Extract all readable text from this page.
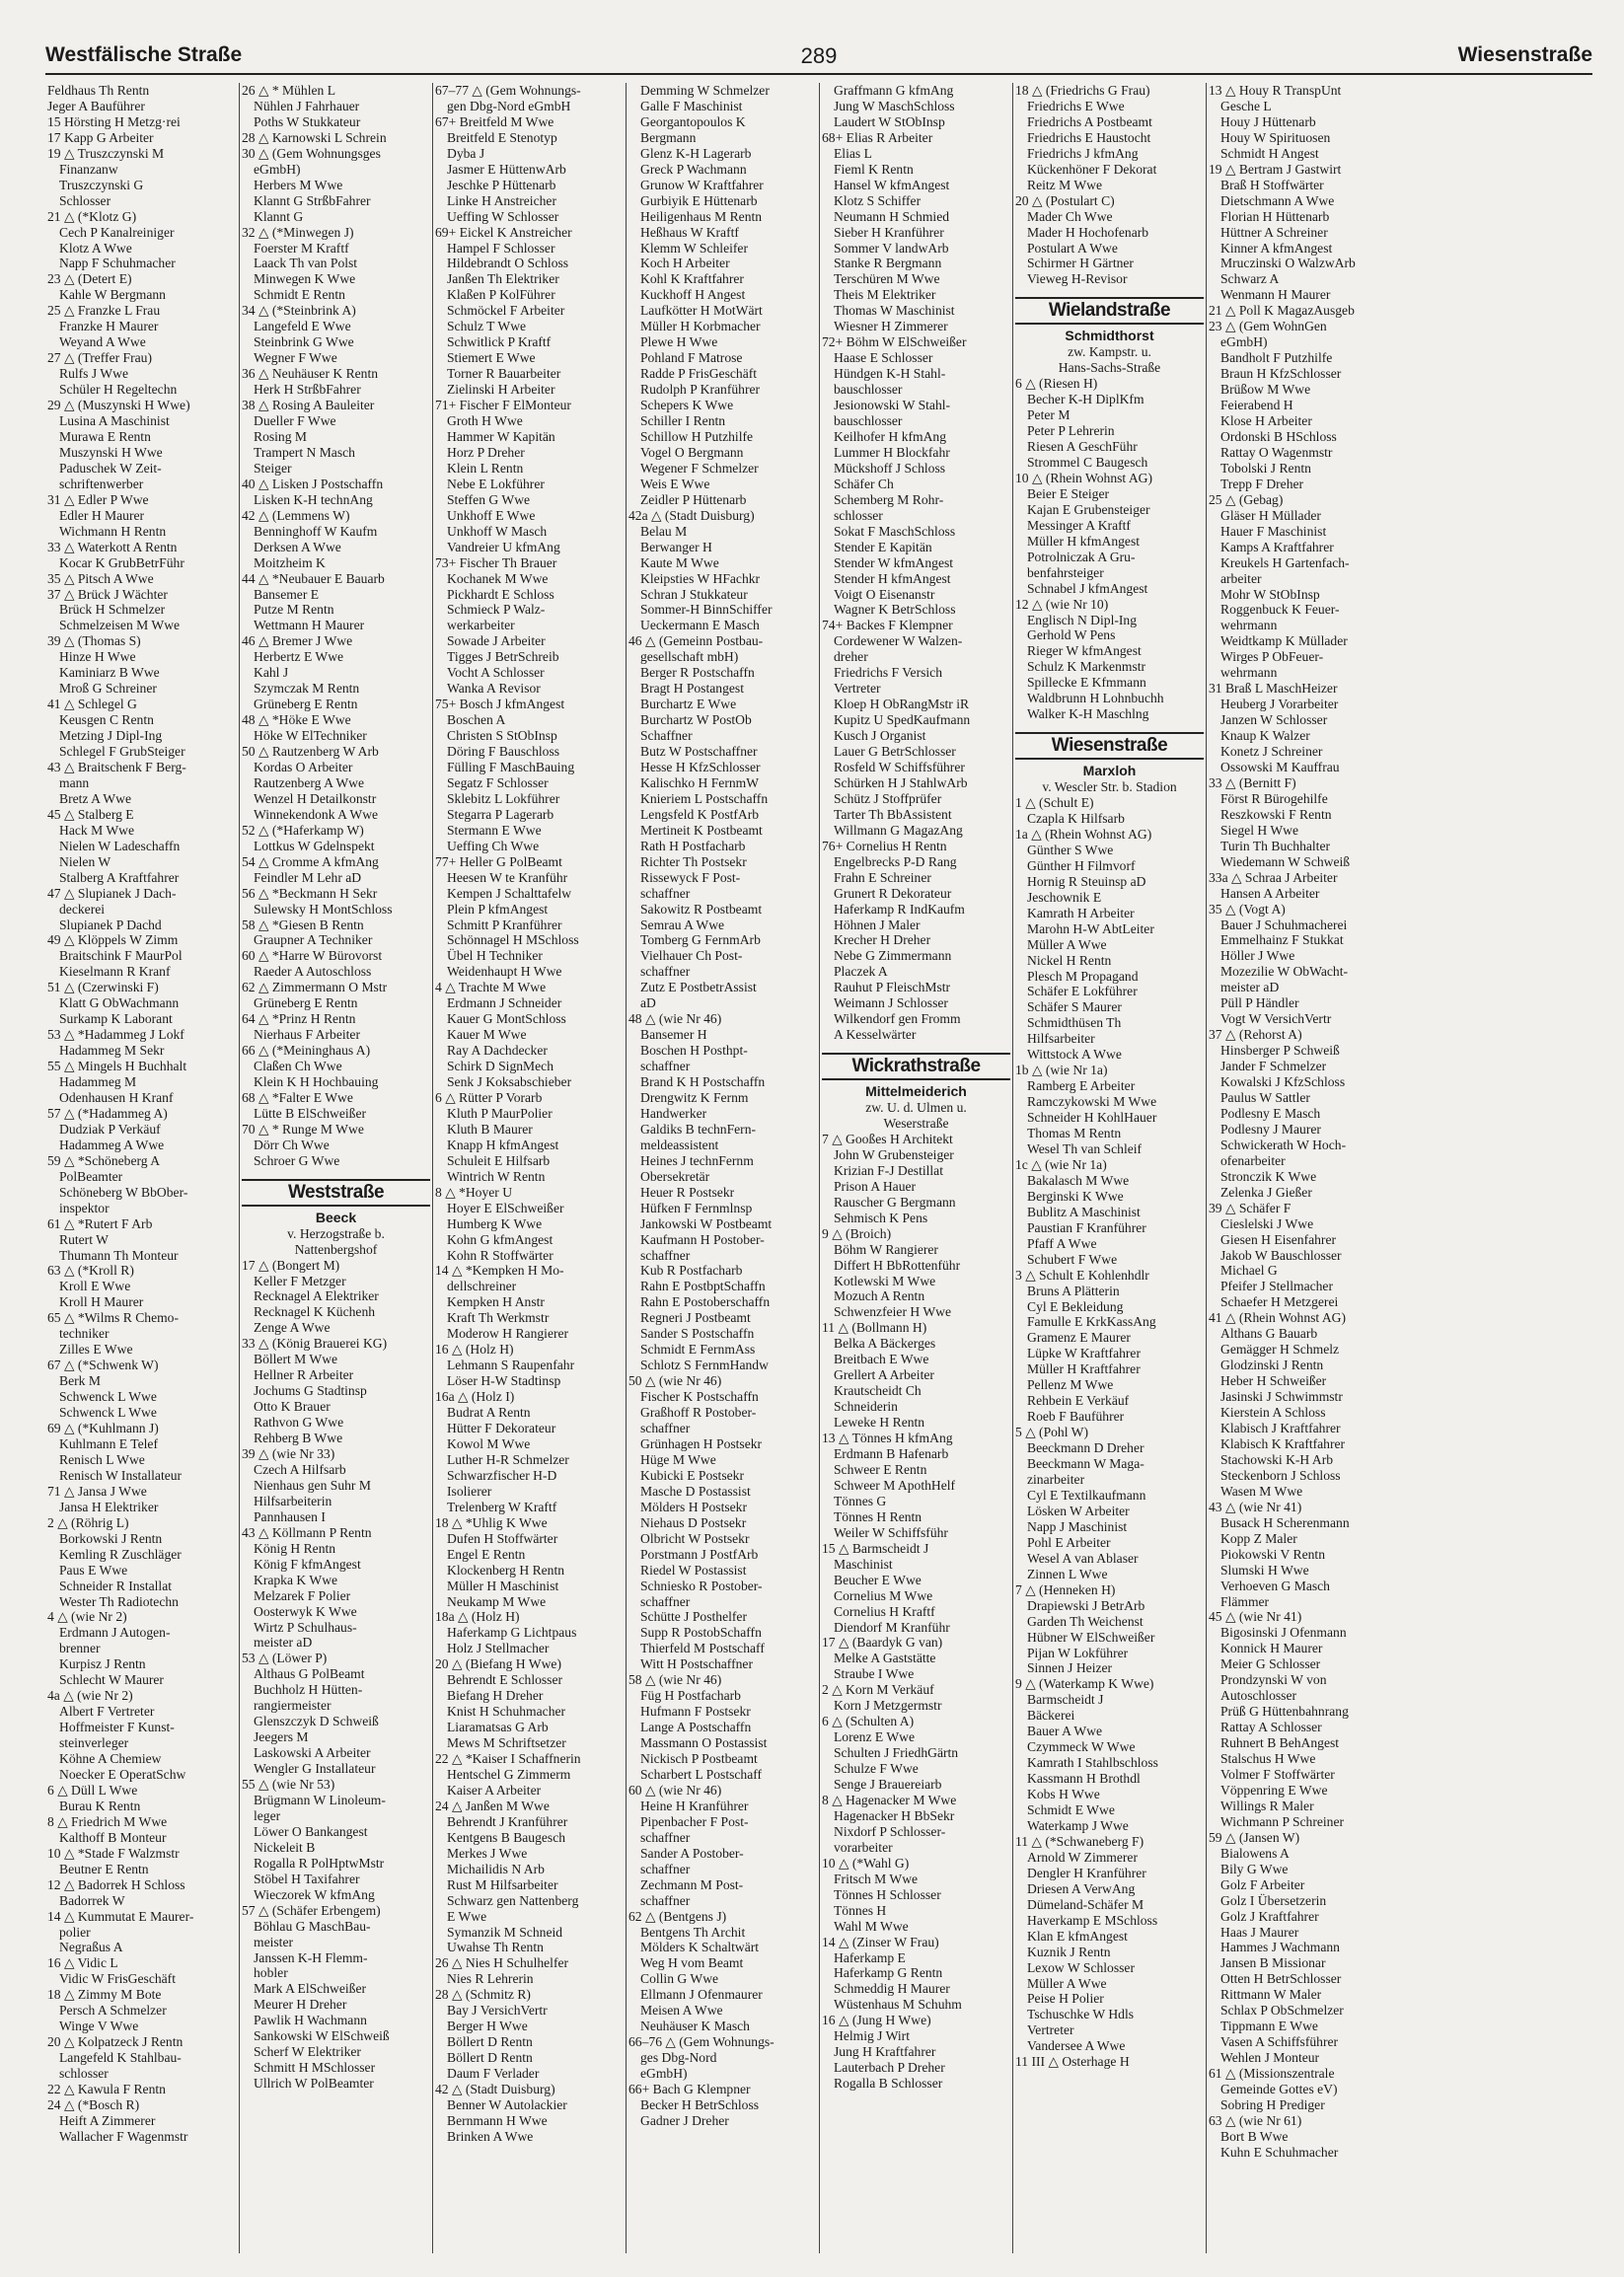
Westfälische Straße	289	Wiesenstraße
Feldhaus Th Rentn
Jeger A Bauführer
15 Hörsting H Metzg·rei
17 Kapp G Arbeiter
19 △ Truszczynski M
Finanzanw
Truszczynski G
Schlosser
21 △ (*Klotz G)
Cech P Kanalreiniger
Klotz A Wwe
Napp F Schuhmacher
23 △ (Detert E)
Kahle W Bergmann
25 △ Franzke L Frau
Franzke H Maurer
Weyand A Wwe
27 △ (Treffer Frau)
Rulfs J Wwe
Schüler H Regeltechn
29 △ (Muszynski H Wwe)
Lusina A Maschinist
Murawa E Rentn
Muszynski H Wwe
Paduschek W Zeit-
schriftenwerber
31 △ Edler P Wwe
Edler H Maurer
Wichmann H Rentn
33 △ Waterkott A Rentn
Kocar K GrubBetrFühr
35 △ Pitsch A Wwe
37 △ Brück J Wächter
Brück H Schmelzer
Schmelzeisen M Wwe
39 △ (Thomas S)
Hinze H Wwe
Kaminiarz B Wwe
Mroß G Schreiner
41 △ Schlegel G
Keusgen C Rentn
Metzing J Dipl-Ing
Schlegel F GrubSteiger
43 △ Braitschenk F Berg-
mann
Bretz A Wwe
45 △ Stalberg E
Hack M Wwe
Nielen W Ladeschaffn
Nielen W
Stalberg A Kraftfahrer
47 △ Slupianek J Dach-
deckerei
Slupianek P Dachd
49 △ Klöppels W Zimm
Braitschink F MaurPol
Kieselmann R Kranf
51 △ (Czerwinski F)
Klatt G ObWachmann
Surkamp K Laborant
53 △ *Hadammeg J Lokf
Hadammeg M Sekr
55 △ Mingels H Buchhalt
Hadammeg M
Odenhausen H Kranf
57 △ (*Hadammeg A)
Dudziak P Verkäuf
Hadammeg A Wwe
59 △ *Schöneberg A
PolBeamter
Schöneberg W BbOber-
inspektor
61 △ *Rutert F Arb
Rutert W
Thumann Th Monteur
63 △ (*Kroll R)
Kroll E Wwe
Kroll H Maurer
65 △ *Wilms R Chemo-
techniker
Zilles E Wwe
67 △ (*Schwenk W)
Berk M
Schwenck L Wwe
Schwenck L Wwe
69 △ (*Kuhlmann J)
Kuhlmann E Telef
Renisch L Wwe
Renisch W Installateur
71 △ Jansa J Wwe
Jansa H Elektriker
2 △ (Röhrig L)
Borkowski J Rentn
Kemling R Zuschläger
Paus E Wwe
Schneider R Installat
Wester Th Radiotechn
4 △ (wie Nr 2)
Erdmann J Autogen-
brenner
Kurpisz J Rentn
Schlecht W Maurer
4a △ (wie Nr 2)
Albert F Vertreter
Hoffmeister F Kunst-
steinverleger
Köhne A Chemiew
Noecker E OperatSchw
6 △ Düll L Wwe
Burau K Rentn
8 △ Friedrich M Wwe
Kalthoff B Monteur
10 △ *Stade F Walzmstr
Beutner E Rentn
12 △ Badorrek H Schloss
Badorrek W
14 △ Kummutat E Maurer-
polier
Negraßus A
16 △ Vidic L
Vidic W FrisGeschäft
18 △ Zimmy M Bote
Persch A Schmelzer
Winge V Wwe
20 △ Kolpatzeck J Rentn
Langefeld K Stahlbau-
schlosser
22 △ Kawula F Rentn
24 △ (*Bosch R)
Heift A Zimmerer
Wallacher F Wagenmstr
26 △ * Mühlen L
Nühlen J Fahrhauer
Poths W Stukkateur
28 △ Karnowski L Schrein
30 △ (Gem Wohnungsges
eGmbH)
Herbers M Wwe
Klannt G StrßbFahrer
Klannt G
32 △ (*Minwegen J)
Foerster M Kraftf
Laack Th van Polst
Minwegen K Wwe
Schmidt E Rentn
34 △ (*Steinbrink A)
Langefeld E Wwe
Steinbrink G Wwe
Wegner F Wwe
36 △ Neuhäuser K Rentn
Herk H StrßbFahrer
38 △ Rosing A Bauleiter
Dueller F Wwe
Rosing M
Trampert N Masch
Steiger
40 △ Lisken J Postschaffn
Lisken K-H technAng
42 △ (Lemmens W)
Benninghoff W Kaufm
Derksen A Wwe
Moitzheim K
44 △ *Neubauer E Bauarb
Bansemer E
Putze M Rentn
Wettmann H Maurer
46 △ Bremer J Wwe
Herbertz E Wwe
Kahl J
Szymczak M Rentn
Grüneberg E Rentn
48 △ *Höke E Wwe
Höke W ElTechniker
50 △ Rautzenberg W Arb
Kordas O Arbeiter
Rautzenberg A Wwe
Wenzel H Detailkonstr
Winnekendonk A Wwe
52 △ (*Haferkamp W)
Lottkus W Gdelnspekt
54 △ Cromme A kfmAng
Feindler M Lehr aD
56 △ *Beckmann H Sekr
Sulewsky H MontSchloss
58 △ *Giesen B Rentn
Graupner A Techniker
60 △ *Harre W Bürovorst
Raeder A Autoschloss
62 △ Zimmermann O Mstr
Grüneberg E Rentn
64 △ *Prinz H Rentn
Nierhaus F Arbeiter
66 △ (*Meininghaus A)
Claßen Ch Wwe
Klein K H Hochbauing
68 △ *Falter E Wwe
Lütte B ElSchweißer
70 △ * Runge M Wwe
Dörr Ch Wwe
Schroer G Wwe
Weststraße
Beeck
v. Herzogstraße b.
Nattenbergshof
17 △ (Bongert M)
Keller F Metzger
Recknagel A Elektriker
Recknagel K Küchenh
Zenge A Wwe
33 △ (König Brauerei KG)
Böllert M Wwe
Hellner R Arbeiter
Jochums G Stadtinsp
Otto K Brauer
Rathvon G Wwe
Rehberg B Wwe
39 △ (wie Nr 33)
Czech A Hilfsarb
Nienhaus gen Suhr M
Hilfsarbeiterin
Pannhausen I
43 △ Köllmann P Rentn
König H Rentn
König F kfmAngest
Krapka K Wwe
Melzarek F Polier
Oosterwyk K Wwe
Wirtz P Schulhaus-
meister aD
53 △ (Löwer P)
Althaus G PolBeamt
Buchholz H Hütten-
rangiermeister
Glenszczyk D Schweiß
Jeegers M
Laskowski A Arbeiter
Wengler G Installateur
55 △ (wie Nr 53)
Brügmann W Linoleum-
leger
Löwer O Bankangest
Nickeleit B
Rogalla R PolHptwMstr
Stöbel H Taxifahrer
Wieczorek W kfmAng
57 △ (Schäfer Erbengem)
Böhlau G MaschBau-
meister
Janssen K-H Flemm-
hobler
Mark A ElSchweißer
Meurer H Dreher
Pawlik H Wachmann
Sankowski W ElSchweiß
Scherf W Elektriker
Schmitt H MSchlosser
Ullrich W PolBeamter
67–77 △ (Gem Wohnungs-
gen Dbg-Nord eGmbH
67+ Breitfeld M Wwe
Breitfeld E Stenotyp
Dyba J
Jasmer E HüttenwArb
Jeschke P Hüttenarb
Linke H Anstreicher
Ueffing W Schlosser
69+ Eickel K Anstreicher
Hampel F Schlosser
Hildebrandt O Schloss
Janßen Th Elektriker
Klaßen P KolFührer
Schmöckel F Arbeiter
Schulz T Wwe
Schwitlick P Kraftf
Stiemert E Wwe
Torner R Bauarbeiter
Zielinski H Arbeiter
71+ Fischer F ElMonteur
Groth H Wwe
Hammer W Kapitän
Horz P Dreher
Klein L Rentn
Nebe E Lokführer
Steffen G Wwe
Unkhoff E Wwe
Unkhoff W Masch
Vandreier U kfmAng
73+ Fischer Th Brauer
Kochanek M Wwe
Pickhardt E Schloss
Schmieck P Walz-
werkarbeiter
Sowade J Arbeiter
Tigges J BetrSchreib
Vocht A Schlosser
Wanka A Revisor
75+ Bosch J kfmAngest
Boschen A
Christen S StObInsp
Döring F Bauschloss
Fülling F MaschBauing
Segatz F Schlosser
Sklebitz L Lokführer
Stegarra P Lagerarb
Stermann E Wwe
Ueffing Ch Wwe
77+ Heller G PolBeamt
Heesen W te Kranführ
Kempen J Schalttafelw
Plein P kfmAngest
Schmitt P Kranführer
Schönnagel H MSchloss
Übel H Techniker
Weidenhaupt H Wwe
4 △ Trachte M Wwe
Erdmann J Schneider
Kauer G MontSchloss
Kauer M Wwe
Ray A Dachdecker
Schirk D SignMech
Senk J Koksabschieber
6 △ Rütter P Vorarb
Kluth P MaurPolier
Kluth B Maurer
Knapp H kfmAngest
Schuleit E Hilfsarb
Wintrich W Rentn
8 △ *Hoyer U
Hoyer E ElSchweißer
Humberg K Wwe
Kohn G kfmAngest
Kohn R Stoffwärter
14 △ *Kempken H Mo-
dellschreiner
Kempken H Anstr
Kraft Th Werkmstr
Moderow H Rangierer
16 △ (Holz H)
Lehmann S Raupenfahr
Löser H-W Stadtinsp
16a △ (Holz I)
Budrat A Rentn
Hütter F Dekorateur
Kowol M Wwe
Luther H-R Schmelzer
Schwarzfischer H-D
Isolierer
Trelenberg W Kraftf
18 △ *Uhlig K Wwe
Dufen H Stoffwärter
Engel E Rentn
Klockenberg H Rentn
Müller H Maschinist
Neukamp M Wwe
18a △ (Holz H)
Haferkamp G Lichtpaus
Holz J Stellmacher
20 △ (Biefang H Wwe)
Behrendt E Schlosser
Biefang H Dreher
Knist H Schuhmacher
Liaramatsas G Arb
Mews M Schriftsetzer
22 △ *Kaiser I Schaffnerin
Hentschel G Zimmerm
Kaiser A Arbeiter
24 △ Janßen M Wwe
Behrendt J Kranführer
Kentgens B Baugesch
Merkes J Wwe
Michailidis N Arb
Rust M Hilfsarbeiter
Schwarz gen Nattenberg
E Wwe
Symanzik M Schneid
Uwahse Th Rentn
26 △ Nies H Schulhelfer
Nies R Lehrerin
28 △ (Schmitz R)
Bay J VersichVertr
Berger H Wwe
Böllert D Rentn
Böllert D Rentn
Daum F Verlader
42 △ (Stadt Duisburg)
Benner W Autolackier
Bernmann H Wwe
Brinken A Wwe
Demming W Schmelzer
Galle F Maschinist
Georgantopoulos K
Bergmann
Glenz K-H Lagerarb
Greck P Wachmann
Grunow W Kraftfahrer
Gurbiyik E Hüttenarb
Heiligenhaus M Rentn
Heßhaus W Kraftf
Klemm W Schleifer
Koch H Arbeiter
Kohl K Kraftfahrer
Kuckhoff H Angest
Laufkötter H MotWärt
Müller H Korbmacher
Plewe H Wwe
Pohland F Matrose
Radde P FrisGeschäft
Rudolph P Kranführer
Schepers K Wwe
Schiller I Rentn
Schillow H Putzhilfe
Vogel O Bergmann
Wegener F Schmelzer
Weis E Wwe
Zeidler P Hüttenarb
42a △ (Stadt Duisburg)
Belau M
Berwanger H
Kaute M Wwe
Kleipsties W HFachkr
Schran J Stukkateur
Sommer-H BinnSchiffer
Ueckermann E Masch
46 △ (Gemeinn Postbau-
gesellschaft mbH)
Berger R Postschaffn
Bragt H Postangest
Burchartz E Wwe
Burchartz W PostOb
Schaffner
Butz W Postschaffner
Hesse H KfzSchlosser
Kalischko H FernmW
Knieriem L Postschaffn
Lengsfeld K PostfArb
Mertineit K Postbeamt
Rath H Postfacharb
Richter Th Postsekr
Rissewyck F Post-
schaffner
Sakowitz R Postbeamt
Semrau A Wwe
Tomberg G FernmArb
Vielhauer Ch Post-
schaffner
Zutz E PostbetrAssist
aD
48 △ (wie Nr 46)
Bansemer H
Boschen H Posthpt-
schaffner
Brand K H Postschaffn
Drengwitz K Fernm
Handwerker
Galdiks B technFern-
meldeassistent
Heines J technFernm
Obersekretär
Heuer R Postsekr
Hüfken F Fernmlnsp
Jankowski W Postbeamt
Kaufmann H Postober-
schaffner
Kub R Postfacharb
Rahn E PostbptSchaffn
Rahn E Postoberschaffn
Regneri J Postbeamt
Sander S Postschaffn
Schmidt E FernmAss
Schlotz S FernmHandw
50 △ (wie Nr 46)
Fischer K Postschaffn
Graßhoff R Postober-
schaffner
Grünhagen H Postsekr
Hüge M Wwe
Kubicki E Postsekr
Masche D Postassist
Mölders H Postsekr
Niehaus D Postsekr
Olbricht W Postsekr
Porstmann J PostfArb
Riedel W Postassist
Schniesko R Postober-
schaffner
Schütte J Posthelfer
Supp R PostobSchaffn
Thierfeld M Postschaff
Witt H Postschaffner
58 △ (wie Nr 46)
Füg H Postfacharb
Hufmann F Postsekr
Lange A Postschaffn
Massmann O Postassist
Nickisch P Postbeamt
Scharbert L Postschaff
60 △ (wie Nr 46)
Heine H Kranführer
Pipenbacher F Post-
schaffner
Sander A Postober-
schaffner
Zechmann M Post-
schaffner
62 △ (Bentgens J)
Bentgens Th Archit
Mölders K Schaltwärt
Weg H vom Beamt
Collin G Wwe
Ellmann J Ofenmaurer
Meisen A Wwe
Neuhäuser K Masch
66–76 △ (Gem Wohnungs-
ges Dbg-Nord
eGmbH)
66+ Bach G Klempner
Becker H BetrSchloss
Gadner J Dreher
Graffmann G kfmAng
Jung W MaschSchloss
Laudert W StObInsp
68+ Elias R Arbeiter
Elias L
Fieml K Rentn
Hansel W kfmAngest
Klotz S Schiffer
Neumann H Schmied
Sieber H Kranführer
Sommer V landwArb
Stanke R Bergmann
Terschüren M Wwe
Theis M Elektriker
Thomas W Maschinist
Wiesner H Zimmerer
72+ Böhm W ElSchweißer
Haase E Schlosser
Hündgen K-H Stahl-
bauschlosser
Jesionowski W Stahl-
bauschlosser
Keilhofer H kfmAng
Lummer H Blockfahr
Mückshoff J Schloss
Schäfer Ch
Schemberg M Rohr-
schlosser
Sokat F MaschSchloss
Stender E Kapitän
Stender W kfmAngest
Stender H kfmAngest
Voigt O Eisenanstr
Wagner K BetrSchloss
74+ Backes F Klempner
Cordewener W Walzen-
dreher
Friedrichs F Versich
Vertreter
Kloep H ObRangMstr iR
Kupitz U SpedKaufmann
Kusch J Organist
Lauer G BetrSchlosser
Rosfeld W Schiffsführer
Schürken H J StahlwArb
Schütz J Stoffprüfer
Tarter Th BbAssistent
Willmann G MagazAng
76+ Cornelius H Rentn
Engelbrecks P-D Rang
Frahn E Schreiner
Grunert R Dekorateur
Haferkamp R IndKaufm
Höhnen J Maler
Krecher H Dreher
Nebe G Zimmermann
Placzek A
Rauhut P FleischMstr
Weimann J Schlosser
Wilkendorf gen Fromm
A Kesselwärter
Wickrathstraße
Mittelmeiderich
zw. U. d. Ulmen u.
Weserstraße
7 △ Gooßes H Architekt
John W Grubensteiger
Krizian F-J Destillat
Prison A Hauer
Rauscher G Bergmann
Sehmisch K Pens
9 △ (Broich)
Böhm W Rangierer
Differt H BbRottenführ
Kotlewski M Wwe
Mozuch A Rentn
Schwenzfeier H Wwe
11 △ (Bollmann H)
Belka A Bäckerges
Breitbach E Wwe
Grellert A Arbeiter
Krautscheidt Ch
Schneiderin
Leweke H Rentn
13 △ Tönnes H kfmAng
Erdmann B Hafenarb
Schweer E Rentn
Schweer M ApothHelf
Tönnes G
Tönnes H Rentn
Weiler W Schiffsführ
15 △ Barmscheidt J
Maschinist
Beucher E Wwe
Cornelius M Wwe
Cornelius H Kraftf
Diendorf M Kranführ
17 △ (Baardyk G van)
Melke A Gaststätte
Straube I Wwe
2 △ Korn M Verkäuf
Korn J Metzgermstr
6 △ (Schulten A)
Lorenz E Wwe
Schulten J FriedhGärtn
Schulze F Wwe
Senge J Brauereiarb
8 △ Hagenacker M Wwe
Hagenacker H BbSekr
Nixdorf P Schlosser-
vorarbeiter
10 △ (*Wahl G)
Fritsch M Wwe
Tönnes H Schlosser
Tönnes H
Wahl M Wwe
14 △ (Zinser W Frau)
Haferkamp E
Haferkamp G Rentn
Schmeddig H Maurer
Wüstenhaus M Schuhm
16 △ (Jung H Wwe)
Helmig J Wirt
Jung H Kraftfahrer
Lauterbach P Dreher
Rogalla B Schlosser
18 △ (Friedrichs G Frau)
Friedrichs E Wwe
Friedrichs A Postbeamt
Friedrichs E Haustocht
Friedrichs J kfmAng
Kückenhöner F Dekorat
Reitz M Wwe
20 △ (Postulart C)
Mader Ch Wwe
Mader H Hochofenarb
Postulart A Wwe
Schirmer H Gärtner
Vieweg H-Revisor
Wielandstraße
Schmidthorst
zw. Kampstr. u.
Hans-Sachs-Straße
6 △ (Riesen H)
Becher K-H DiplKfm
Peter M
Peter P Lehrerin
Riesen A GeschFühr
Strommel C Baugesch
10 △ (Rhein Wohnst AG)
Beier E Steiger
Kajan E Grubensteiger
Messinger A Kraftf
Müller H kfmAngest
Potrolniczak A Gru-
benfahrsteiger
Schnabel J kfmAngest
12 △ (wie Nr 10)
Englisch N Dipl-Ing
Gerhold W Pens
Rieger W kfmAngest
Schulz K Markenmstr
Spillecke E Kfmmann
Waldbrunn H Lohnbuchh
Walker K-H Maschlng
Wiesenstraße
Marxloh
v. Wescler Str. b. Stadion
1 △ (Schult E)
Czapla K Hilfsarb
1a △ (Rhein Wohnst AG)
Günther S Wwe
Günther H Filmvorf
Hornig R Steuinsp aD
Jeschownik E
Kamrath H Arbeiter
Marohn H-W AbtLeiter
Müller A Wwe
Nickel H Rentn
Plesch M Propagand
Schäfer E Lokführer
Schäfer S Maurer
Schmidthüsen Th
Hilfsarbeiter
Wittstock A Wwe
1b △ (wie Nr 1a)
Ramberg E Arbeiter
Ramczykowski M Wwe
Schneider H KohlHauer
Thomas M Rentn
Wesel Th van Schleif
1c △ (wie Nr 1a)
Bakalasch M Wwe
Berginski K Wwe
Bublitz A Maschinist
Paustian F Kranführer
Pfaff A Wwe
Schubert F Wwe
3 △ Schult E Kohlenhdlr
Bruns A Plätterin
Cyl E Bekleidung
Famulle E KrkKassAng
Gramenz E Maurer
Lüpke W Kraftfahrer
Müller H Kraftfahrer
Pellenz M Wwe
Rehbein E Verkäuf
Roeb F Bauführer
5 △ (Pohl W)
Beeckmann D Dreher
Beeckmann W Maga-
zinarbeiter
Cyl E Textilkaufmann
Lösken W Arbeiter
Napp J Maschinist
Pohl E Arbeiter
Wesel A van Ablaser
Zinnen L Wwe
7 △ (Henneken H)
Drapiewski J BetrArb
Garden Th Weichenst
Hübner W ElSchweißer
Pijan W Lokführer
Sinnen J Heizer
9 △ (Waterkamp K Wwe)
Barmscheidt J
Bäckerei
Bauer A Wwe
Czymmeck W Wwe
Kamrath I Stahlbschloss
Kassmann H Brothdl
Kobs H Wwe
Schmidt E Wwe
Waterkamp J Wwe
11 △ (*Schwaneberg F)
Arnold W Zimmerer
Dengler H Kranführer
Driesen A VerwAng
Dümeland-Schäfer M
Haverkamp E MSchloss
Klan E kfmAngest
Kuznik J Rentn
Lexow W Schlosser
Müller A Wwe
Peise H Polier
Tschuschke W Hdls
Vertreter
Vandersee A Wwe
11 III △ Osterhage H
13 △ Houy R TranspUnt
Gesche L
Houy J Hüttenarb
Houy W Spirituosen
Schmidt H Angest
19 △ Bertram J Gastwirt
Braß H Stoffwärter
Dietschmann A Wwe
Florian H Hüttenarb
Hüttner A Schreiner
Kinner A kfmAngest
Mruczinski O WalzwArb
Schwarz A
Wenmann H Maurer
21 △ Poll K MagazAusgeb
23 △ (Gem WohnGen
eGmbH)
Bandholt F Putzhilfe
Braun H KfzSchlosser
Brüßow M Wwe
Feierabend H
Klose H Arbeiter
Ordonski B HSchloss
Rattay O Wagenmstr
Tobolski J Rentn
Trepp F Dreher
25 △ (Gebag)
Gläser H Müllader
Hauer F Maschinist
Kamps A Kraftfahrer
Kreukels H Gartenfach-
arbeiter
Mohr W StObInsp
Roggenbuck K Feuer-
wehrmann
Weidtkamp K Müllader
Wirges P ObFeuer-
wehrmann
31 Braß L MaschHeizer
Heuberg J Vorarbeiter
Janzen W Schlosser
Knaup K Walzer
Konetz J Schreiner
Ossowski M Kauffrau
33 △ (Bernitt F)
Först R Bürogehilfe
Reszkowski F Rentn
Siegel H Wwe
Turin Th Buchhalter
Wiedemann W Schweiß
33a △ Schraa J Arbeiter
Hansen A Arbeiter
35 △ (Vogt A)
Bauer J Schuhmacherei
Emmelhainz F Stukkat
Höller J Wwe
Mozezilie W ObWacht-
meister aD
Püll P Händler
Vogt W VersichVertr
37 △ (Rehorst A)
Hinsberger P Schweiß
Jander F Schmelzer
Kowalski J KfzSchloss
Paulus W Sattler
Podlesny E Masch
Podlesny J Maurer
Schwickerath W Hoch-
ofenarbeiter
Stronczik K Wwe
Zelenka J Gießer
39 △ Schäfer F
Cieslelski J Wwe
Giesen H Eisenfahrer
Jakob W Bauschlosser
Michael G
Pfeifer J Stellmacher
Schaefer H Metzgerei
41 △ (Rhein Wohnst AG)
Althans G Bauarb
Gemägger H Schmelz
Glodzinski J Rentn
Heber H Schweißer
Jasinski J Schwimmstr
Kierstein A Schloss
Klabisch J Kraftfahrer
Klabisch K Kraftfahrer
Stachowski K-H Arb
Steckenborn J Schloss
Wasen M Wwe
43 △ (wie Nr 41)
Busack H Scherenmann
Kopp Z Maler
Piokowski V Rentn
Slumski H Wwe
Verhoeven G Masch
Flämmer
45 △ (wie Nr 41)
Bigosinski J Ofenmann
Konnick H Maurer
Meier G Schlosser
Prondzynski W von
Autoschlosser
Prüß G Hüttenbahnrang
Rattay A Schlosser
Ruhnert B BehAngest
Stalschus H Wwe
Volmer F Stoffwärter
Vöppenring E Wwe
Willings R Maler
Wichmann P Schreiner
59 △ (Jansen W)
Bialowens A
Bily G Wwe
Golz F Arbeiter
Golz I Übersetzerin
Golz J Kraftfahrer
Haas J Maurer
Hammes J Wachmann
Jansen B Missionar
Otten H BetrSchlosser
Rittmann W Maler
Schlax P ObSchmelzer
Tippmann E Wwe
Vasen A Schiffsführer
Wehlen J Monteur
61 △ (Missionszentrale
Gemeinde Gottes eV)
Sobring H Prediger
63 △ (wie Nr 61)
Bort B Wwe
Kuhn E Schuhmacher
